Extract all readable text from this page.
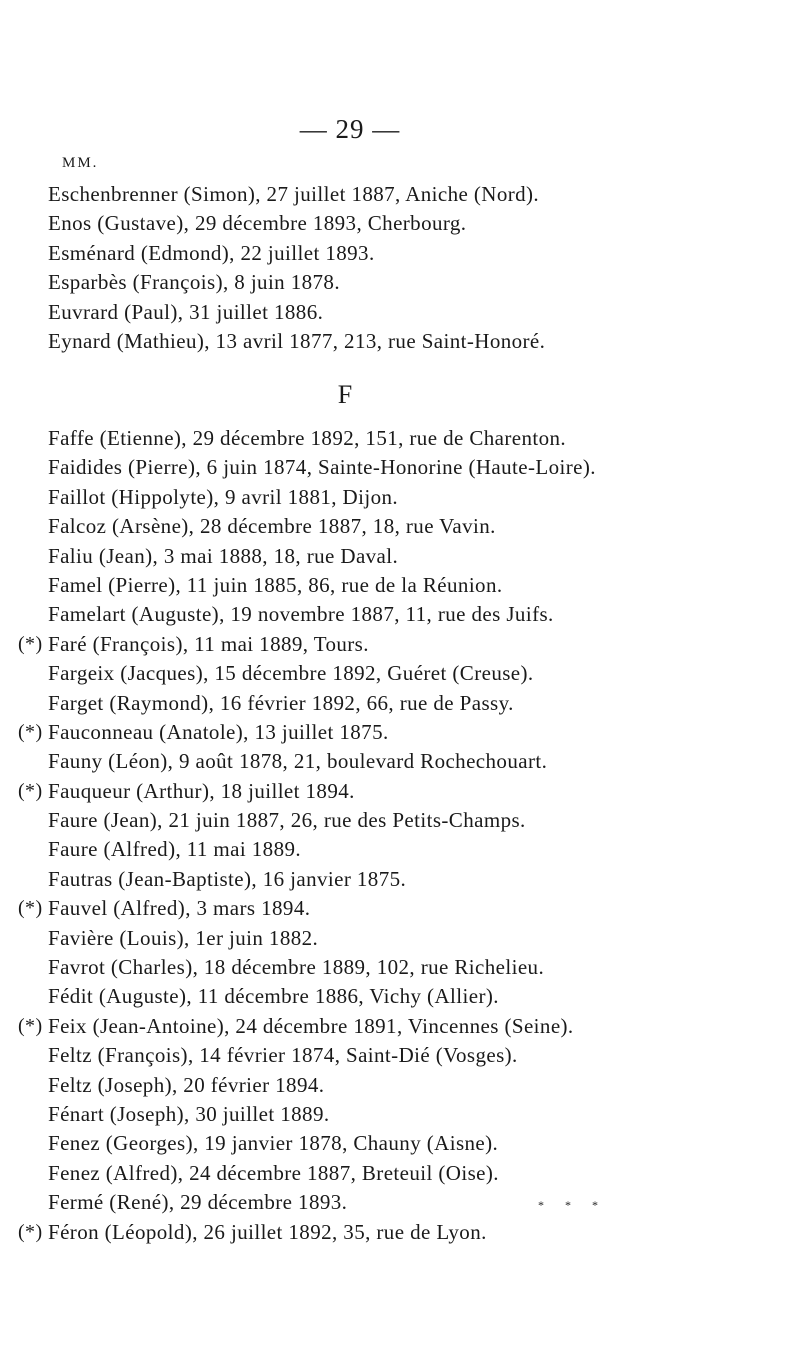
— 29 —
MM.
Eschenbrenner (Simon), 27 juillet 1887, Aniche (Nord).
Enos (Gustave), 29 décembre 1893, Cherbourg.
Esménard (Edmond), 22 juillet 1893.
Esparbès (François), 8 juin 1878.
Euvrard (Paul), 31 juillet 1886.
Eynard (Mathieu), 13 avril 1877, 213, rue Saint-Honoré.
F
Faffe (Etienne), 29 décembre 1892, 151, rue de Charenton.
Faidides (Pierre), 6 juin 1874, Sainte-Honorine (Haute-Loire).
Faillot (Hippolyte), 9 avril 1881, Dijon.
Falcoz (Arsène), 28 décembre 1887, 18, rue Vavin.
Faliu (Jean), 3 mai 1888, 18, rue Daval.
Famel (Pierre), 11 juin 1885, 86, rue de la Réunion.
Famelart (Auguste), 19 novembre 1887, 11, rue des Juifs.
(*) Faré (François), 11 mai 1889, Tours.
Fargeix (Jacques), 15 décembre 1892, Guéret (Creuse).
Farget (Raymond), 16 février 1892, 66, rue de Passy.
(*) Fauconneau (Anatole), 13 juillet 1875.
Fauny (Léon), 9 août 1878, 21, boulevard Rochechouart.
(*) Fauqueur (Arthur), 18 juillet 1894.
Faure (Jean), 21 juin 1887, 26, rue des Petits-Champs.
Faure (Alfred), 11 mai 1889.
Fautras (Jean-Baptiste), 16 janvier 1875.
(*) Fauvel (Alfred), 3 mars 1894.
Favière (Louis), 1er juin 1882.
Favrot (Charles), 18 décembre 1889, 102, rue Richelieu.
Fédit (Auguste), 11 décembre 1886, Vichy (Allier).
(*) Feix (Jean-Antoine), 24 décembre 1891, Vincennes (Seine).
Feltz (François), 14 février 1874, Saint-Dié (Vosges).
Feltz (Joseph), 20 février 1894.
Fénart (Joseph), 30 juillet 1889.
Fenez (Georges), 19 janvier 1878, Chauny (Aisne).
Fenez (Alfred), 24 décembre 1887, Breteuil (Oise).
Fermé (René), 29 décembre 1893.
(*) Féron (Léopold), 26 juillet 1892, 35, rue de Lyon.
* * *
